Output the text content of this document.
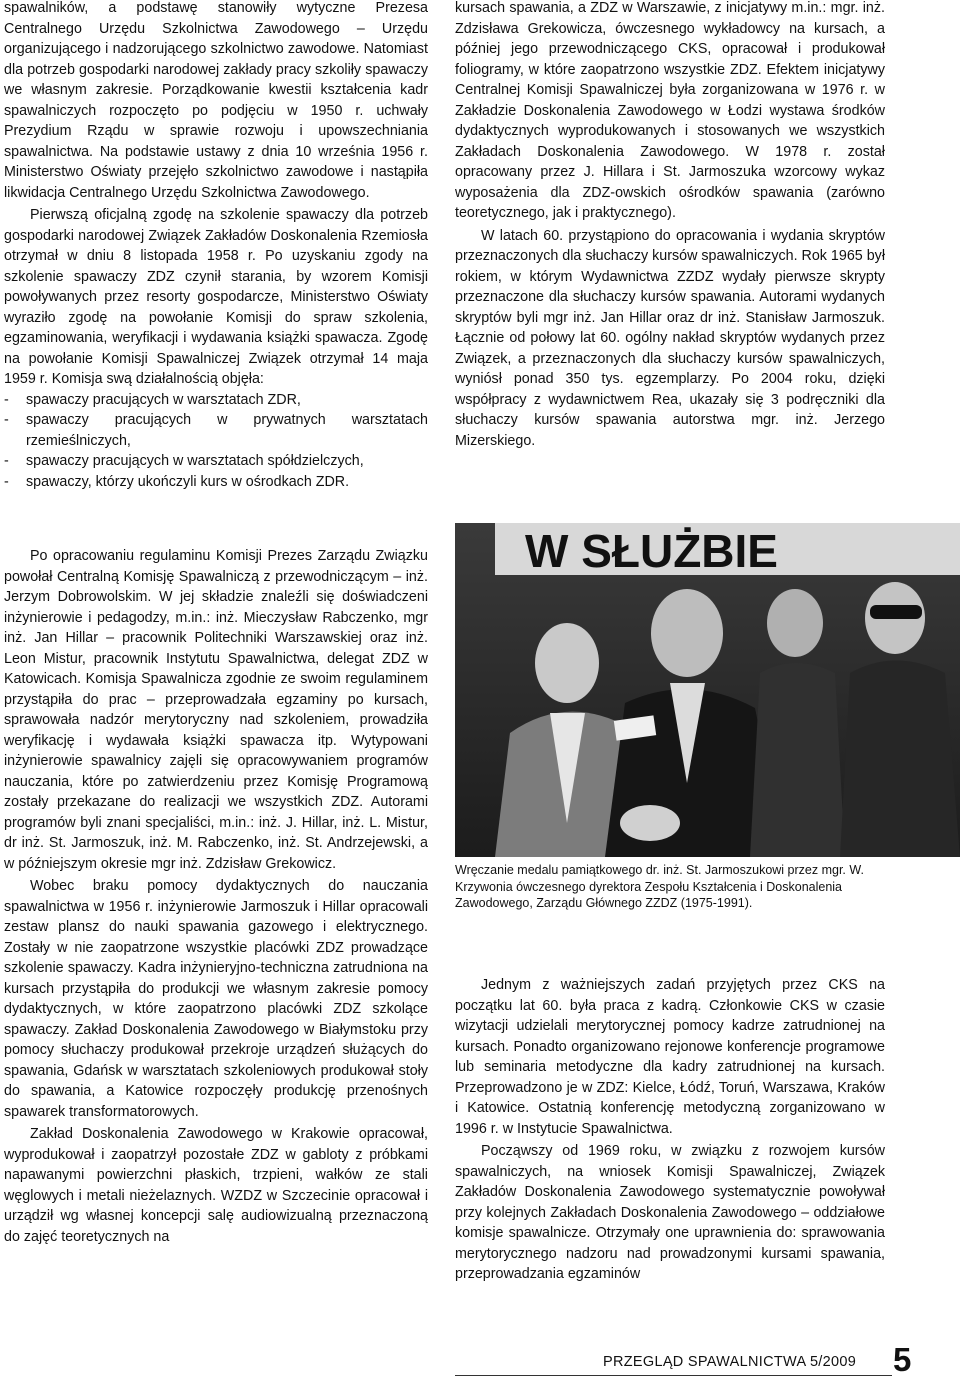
spawalników, a podstawę stanowiły wytyczne Prezesa Centralnego Urzędu Szkolnictwa Zawodowego – Urzędu organizującego i nadzorującego szkolnictwo zawodowe. Natomiast dla potrzeb gospodarki narodowej zakłady pracy szkoliły spawaczy we własnym zakresie. Porządkowanie kwestii kształcenia kadr spawalniczych rozpoczęto po podjęciu w 1950 r. uchwały Prezydium Rządu w sprawie rozwoju i upowszechniania spawalnictwa. Na podstawie ustawy z dnia 10 września 1956 r. Ministerstwo Oświaty przejęło szkolnictwo zawodowe i nastąpiła likwidacja Centralnego Urzędu Szkolnictwa Zawodowego.

Pierwszą oficjalną zgodę na szkolenie spawaczy dla potrzeb gospodarki narodowej Związek Zakładów Doskonalenia Rzemiosła otrzymał w dniu 8 listopada 1958 r. Po uzyskaniu zgody na szkolenie spawaczy ZDZ czynił starania, by wzorem Komisji powoływanych przez resorty gospodarcze, Ministerstwo Oświaty wyraziło zgodę na powołanie Komisji do spraw szkolenia, egzaminowania, weryfikacji i wydawania książki spawacza. Zgodę na powołanie Komisji Spawalniczej Związek otrzymał 14 maja 1959 r. Komisja swą działalnością objęła:

- spawaczy pracujących w warsztatach ZDR,
- spawaczy pracujących w prywatnych warsztatach rzemieślniczych,
- spawaczy pracujących w warsztatach spółdzielczych,
- spawaczy, którzy ukończyli kurs w ośrodkach ZDR.

Po opracowaniu regulaminu Komisji Prezes Zarządu Związku powołał Centralną Komisję Spawalniczą z przewodniczącym – inż. Jerzym Dobrowolskim. W jej składzie znaleźli się doświadczeni inżynierowie i pedagodzy, m.in.: inż. Mieczysław Rabczenko, mgr inż. Jan Hillar – pracownik Politechniki Warszawskiej oraz inż. Leon Mistur, pracownik Instytutu Spawalnictwa, delegat ZDZ w Katowicach. Komisja Spawalnicza zgodnie ze swoim regulaminem przystąpiła do prac – przeprowadzała egzaminy po kursach, sprawowała nadzór merytoryczny nad szkoleniem, prowadziła weryfikację i wydawała książki spawacza itp. Wytypowani inżynierowie spawalnicy zajęli się opracowywaniem programów nauczania, które po zatwierdzeniu przez Komisję Programową zostały przekazane do realizacji we wszystkich ZDZ. Autorami programów byli znani specjaliści, m.in.: inż. J. Hillar, inż. L. Mistur, dr inż. St. Jarmoszuk, inż. M. Rabczenko, inż. St. Andrzejewski, a w późniejszym okresie mgr inż. Zdzisław Grekowicz.

Wobec braku pomocy dydaktycznych do nauczania spawalnictwa w 1956 r. inżynierowie Jarmoszuk i Hillar opracowali zestaw plansz do nauki spawania gazowego i elektrycznego. Zostały w nie zaopatrzone wszystkie placówki ZDZ prowadzące szkolenie spawaczy. Kadra inżynieryjno-techniczna zatrudniona na kursach przystąpiła do produkcji we własnym zakresie pomocy dydaktycznych, w które zaopatrzono placówki ZDZ szkolące spawaczy. Zakład Doskonalenia Zawodowego w Białymstoku przy pomocy słuchaczy produkował przekroje urządzeń służących do spawania, Gdańsk w warsztatach szkoleniowych produkował stoły do spawania, a Katowice rozpoczęły produkcję przenośnych spawarek transformatorowych.

Zakład Doskonalenia Zawodowego w Krakowie opracował, wyprodukował i zaopatrzył pozostałe ZDZ w gabloty z próbkami napawanymi powierzchni płaskich, trzpieni, wałków ze stali węglowych i metali nieżelaznych. WZDZ w Szczecinie opracował i urządził wg własnej koncepcji salę audiowizualną przeznaczoną do zajęć teoretycznych na

kursach spawania, a ZDZ w Warszawie, z inicjatywy m.in.: mgr. inż. Zdzisława Grekowicza, ówczesnego wykładowcy na kursach, a później jego przewodniczącego CKS, opracował i produkował foliogramy, w które zaopatrzono wszystkie ZDZ. Efektem inicjatywy Centralnej Komisji Spawalniczej była zorganizowana w 1976 r. w Zakładzie Doskonalenia Zawodowego w Łodzi wystawa środków dydaktycznych wyprodukowanych i stosowanych we wszystkich Zakładach Doskonalenia Zawodowego. W 1978 r. został opracowany przez J. Hillara i St. Jarmoszuka wzorcowy wykaz wyposażenia dla ZDZ-owskich ośrodków spawania (zarówno teoretycznego, jak i praktycznego).

W latach 60. przystąpiono do opracowania i wydania skryptów przeznaczonych dla słuchaczy kursów spawalniczych. Rok 1965 był rokiem, w którym Wydawnictwa ZZDZ wydały pierwsze skrypty przeznaczone dla słuchaczy kursów spawania. Autorami wydanych skryptów byli mgr inż. Jan Hillar oraz dr inż. Stanisław Jarmoszuk. Łącznie od połowy lat 60. ogólny nakład skryptów wydanych przez Związek, a przeznaczonych dla słuchaczy kursów spawalniczych, wyniósł ponad 350 tys. egzemplarzy. Po 2004 roku, dzięki współpracy z wydawnictwem Rea, ukazały się 3 podręczniki dla słuchaczy kursów spawania autorstwa mgr. inż. Jerzego Mizerskiego.

W SŁUŻBIE
Wręczanie medalu pamiątkowego dr. inż. St. Jarmoszukowi przez mgr. W. Krzywonia ówczesnego dyrektora Zespołu Kształcenia i Doskonalenia Zawodowego, Zarządu Głównego ZZDZ (1975-1991).

Jednym z ważniejszych zadań przyjętych przez CKS na początku lat 60. była praca z kadrą. Członkowie CKS w czasie wizytacji udzielali merytorycznej pomocy kadrze zatrudnionej na kursach. Ponadto organizowano rejonowe konferencje programowe lub seminaria metodyczne dla kadry zatrudnionej na kursach. Przeprowadzono je w ZDZ: Kielce, Łódź, Toruń, Warszawa, Kraków i Katowice. Ostatnią konferencję metodyczną zorganizowano w 1996 r. w Instytucie Spawalnictwa.

Począwszy od 1969 roku, w związku z rozwojem kursów spawalniczych, na wniosek Komisji Spawalniczej, Związek Zakładów Doskonalenia Zawodowego systematycznie powoływał przy kolejnych Zakładach Doskonalenia Zawodowego – oddziałowe komisje spawalnicze. Otrzymały one uprawnienia do: sprawowania merytorycznego nadzoru nad prowadzonymi kursami spawania, przeprowadzania egzaminów

PRZEGLĄD SPAWALNICTWA 5/2009 5
